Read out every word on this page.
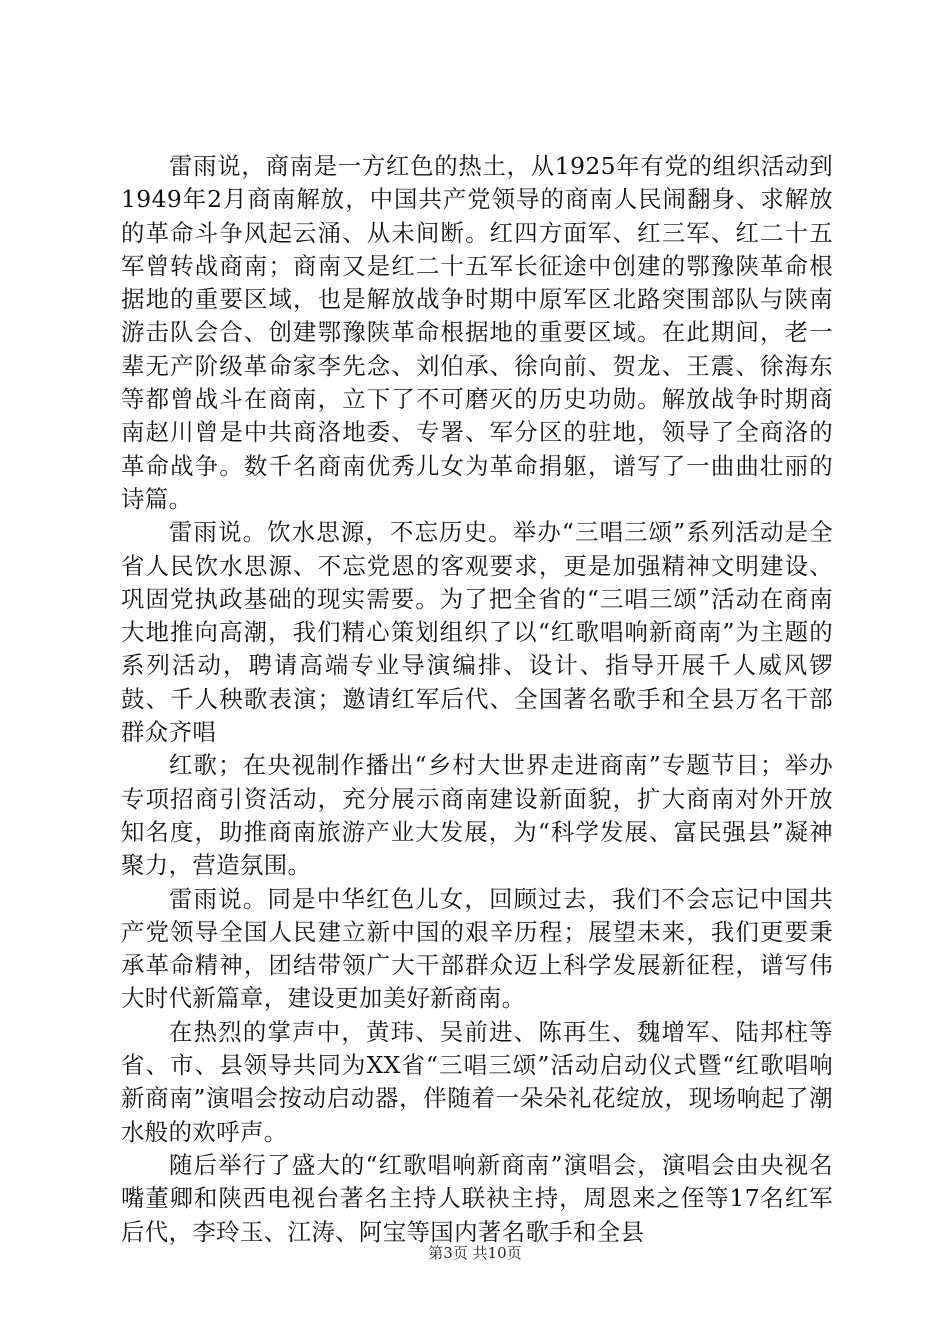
雷雨说，商南是一方红色的热土，从1925年有党的组织活动到1949年2月商南解放，中国共产党领导的商南人民闹翻身、求解放的革命斗争风起云涌、从未间断。红四方面军、红三军、红二十五军曾转战商南；商南又是红二十五军长征途中创建的鄂豫陕革命根据地的重要区域，也是解放战争时期中原军区北路突围部队与陕南游击队会合、创建鄂豫陕革命根据地的重要区域。在此期间，老一辈无产阶级革命家李先念、刘伯承、徐向前、贺龙、王震、徐海东等都曾战斗在商南，立下了不可磨灭的历史功勋。解放战争时期商南赵川曾是中共商洛地委、专署、军分区的驻地，领导了全商洛的革命战争。数千名商南优秀儿女为革命捐躯，谱写了一曲曲壮丽的诗篇。

雷雨说。饮水思源，不忘历史。举办“三唱三颂”系列活动是全省人民饮水思源、不忘党恩的客观要求，更是加强精神文明建设、巩固党执政基础的现实需要。为了把全省的“三唱三颂”活动在商南大地推向高潮，我们精心策划组织了以“红歌唱响新商南”为主题的系列活动，聘请高端专业导演编排、设计、指导开展千人威风锣鼓、千人秧歌表演；邀请红军后代、全国著名歌手和全县万名干部群众齐唱

红歌；在央视制作播出“乡村大世界走进商南”专题节目；举办专项招商引资活动，充分展示商南建设新面貌，扩大商南对外开放知名度，助推商南旅游产业大发展，为“科学发展、富民强县”凝神聚力，营造氛围。

雷雨说。同是中华红色儿女，回顾过去，我们不会忘记中国共产党领导全国人民建立新中国的艰辛历程；展望未来，我们更要秉承革命精神，团结带领广大干部群众迈上科学发展新征程，谱写伟大时代新篇章，建设更加美好新商南。

在热烈的掌声中，黄玮、吴前进、陈再生、魏增军、陆邦柱等省、市、县领导共同为XX省“三唱三颂”活动启动仪式暨“红歌唱响新商南”演唱会按动启动器，伴随着一朵朵礼花绽放，现场响起了潮水般的欢呼声。

随后举行了盛大的“红歌唱响新商南”演唱会，演唱会由央视名嘴董卿和陕西电视台著名主持人联袂主持，周恩来之侄等17名红军后代，李玲玉、江涛、阿宝等国内著名歌手和全县

第3页 共10页
